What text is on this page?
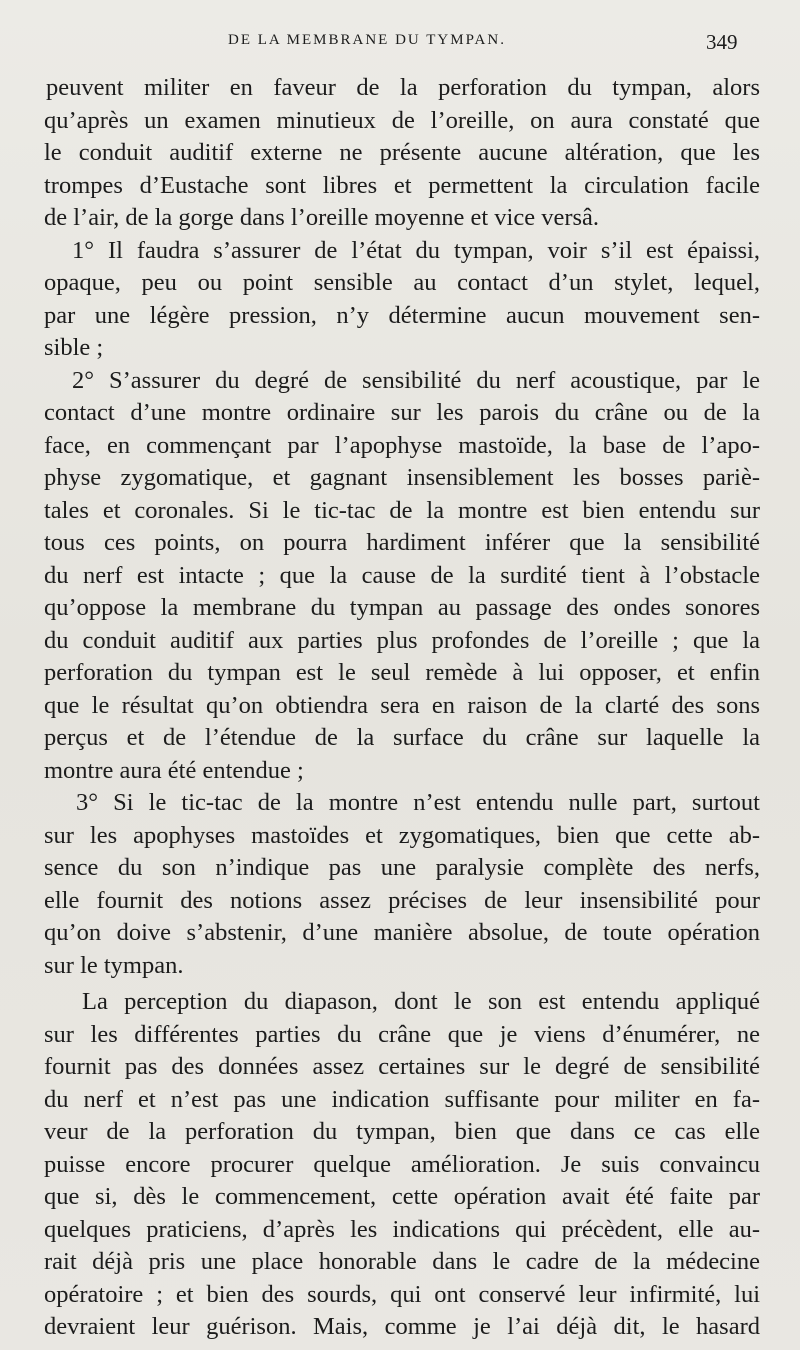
DE LA MEMBRANE DU TYMPAN.	349
peuvent militer en faveur de la perforation du tympan, alors
qu’après un examen minutieux de l’oreille, on aura constaté que
le conduit auditif externe ne présente aucune altération, que les
trompes d’Eustache sont libres et permettent la circulation facile
de l’air, de la gorge dans l’oreille moyenne et vice versâ.
1° Il faudra s’assurer de l’état du tympan, voir s’il est épaissi,
opaque, peu ou point sensible au contact d’un stylet, lequel,
par une légère pression, n’y détermine aucun mouvement sen-
sible ;
2° S’assurer du degré de sensibilité du nerf acoustique, par le
contact d’une montre ordinaire sur les parois du crâne ou de la
face, en commençant par l’apophyse mastoïde, la base de l’apo-
physe zygomatique, et gagnant insensiblement les bosses pariè-
tales et coronales. Si le tic-tac de la montre est bien entendu sur
tous ces points, on pourra hardiment inférer que la sensibilité
du nerf est intacte ; que la cause de la surdité tient à l’obstacle
qu’oppose la membrane du tympan au passage des ondes sonores
du conduit auditif aux parties plus profondes de l’oreille ; que la
perforation du tympan est le seul remède à lui opposer, et enfin
que le résultat qu’on obtiendra sera en raison de la clarté des sons
perçus et de l’étendue de la surface du crâne sur laquelle la
montre aura été entendue ;
3° Si le tic-tac de la montre n’est entendu nulle part, surtout
sur les apophyses mastoïdes et zygomatiques, bien que cette ab-
sence du son n’indique pas une paralysie complète des nerfs,
elle fournit des notions assez précises de leur insensibilité pour
qu’on doive s’abstenir, d’une manière absolue, de toute opération
sur le tympan.
La perception du diapason, dont le son est entendu appliqué
sur les différentes parties du crâne que je viens d’énumérer, ne
fournit pas des données assez certaines sur le degré de sensibilité
du nerf et n’est pas une indication suffisante pour militer en fa-
veur de la perforation du tympan, bien que dans ce cas elle
puisse encore procurer quelque amélioration. Je suis convaincu
que si, dès le commencement, cette opération avait été faite par
quelques praticiens, d’après les indications qui précèdent, elle au-
rait déjà pris une place honorable dans le cadre de la médecine
opératoire ; et bien des sourds, qui ont conservé leur infirmité, lui
devraient leur guérison. Mais, comme je l’ai déjà dit, le hasard
